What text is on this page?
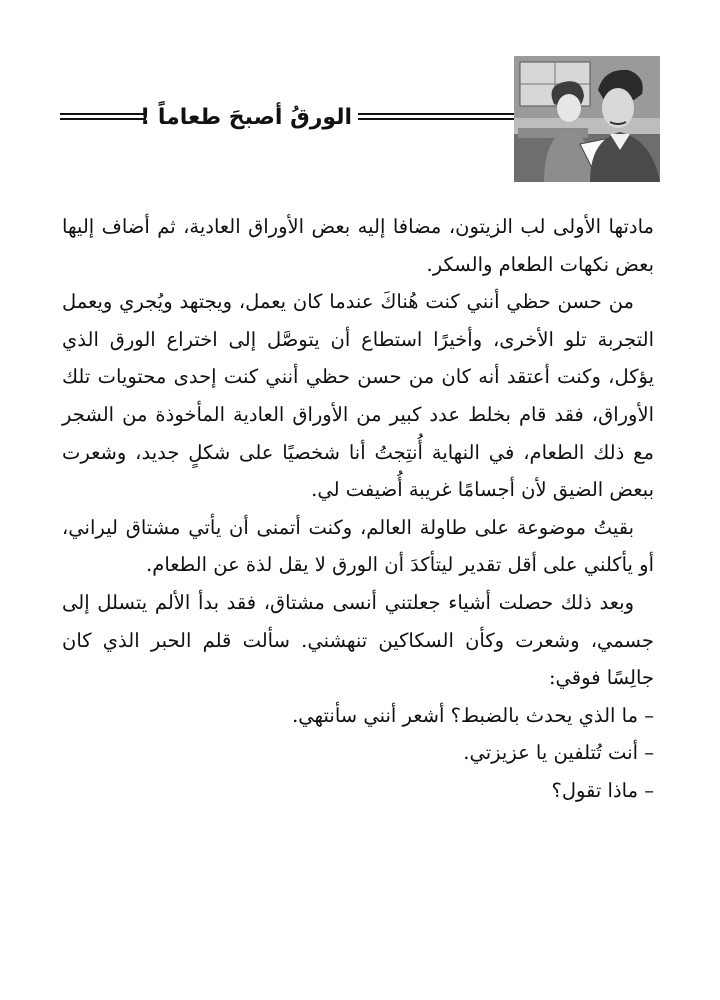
الورقُ أصبحَ طعاماً !

مادتها الأولى لب الزيتون، مضافا إليه بعض الأوراق العادية، ثم أضاف إليها بعض نكهات الطعام والسكر.

من حسن حظي أنني كنت هُناكَ عندما كان يعمل، ويجتهد ويُجري ويعمل التجربة تلو الأخرى، وأخيرًا استطاع أن يتوصَّل إلى اختراع الورق الذي يؤكل، وكنت أعتقد أنه كان من حسن حظي أنني كنت إحدى محتويات تلك الأوراق، فقد قام بخلط عدد كبير من الأوراق العادية المأخوذة من الشجر مع ذلك الطعام، في النهاية أُنتِجتُ أنا شخصيًا على شكلٍ جديد، وشعرت ببعض الضيق لأن أجسامًا غريبة أُضيفت لي.

بقيتُ موضوعة على طاولة العالم، وكنت أتمنى أن يأتي مشتاق ليراني، أو يأكلني على أقل تقدير ليتأكدَ أن الورق لا يقل لذة عن الطعام.

وبعد ذلك حصلت أشياء جعلتني أنسى مشتاق، فقد بدأ الألم يتسلل إلى جسمي، وشعرت وكأن السكاكين تنهشني. سألت قلم الحبر الذي كان جالِسًا فوقي:

– ما الذي يحدث بالضبط؟ أشعر أنني سأنتهي.

– أنت تُتلفين يا عزيزتي.

– ماذا تقول؟
